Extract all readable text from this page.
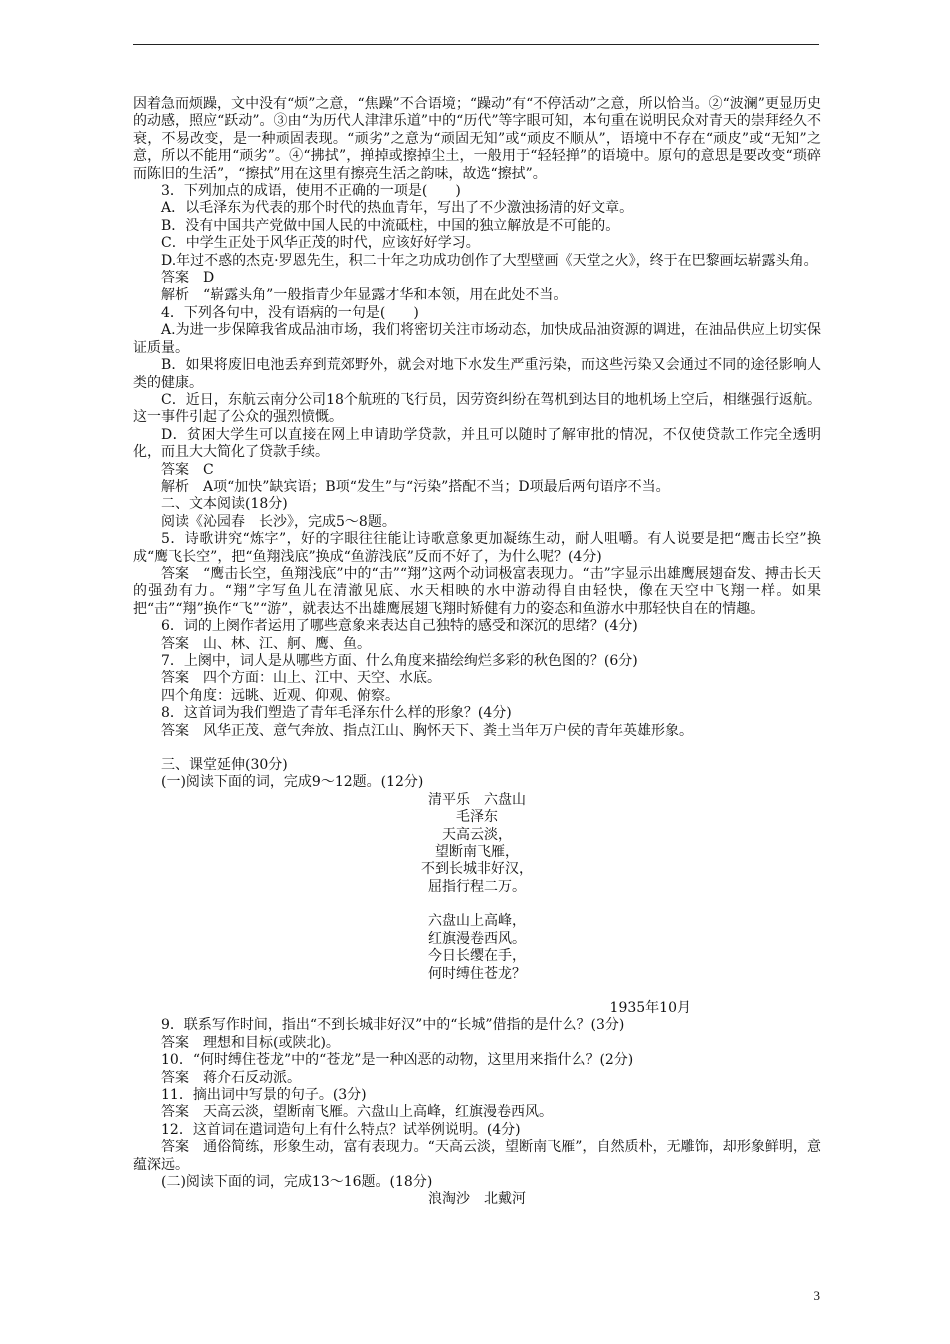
因着急而烦躁，文中没有“烦”之意，“焦躁”不合语境；“躁动”有“不停活动”之意，所以恰当。②“波澜”更显历史的动感，照应“跃动”。③由“为历代人津津乐道”中的“历代”等字眼可知，本句重在说明民众对青天的崇拜经久不衰，不易改变，是一种顽固表现。“顽劣”之意为“顽固无知”或“顽皮不顺从”，语境中不存在“顽皮”或“无知”之意，所以不能用“顽劣”。④“拂拭”，掸掉或擦掉尘土，一般用于“轻轻掸”的语境中。原句的意思是要改变“琐碎而陈旧的生活”，“擦拭”用在这里有擦亮生活之韵味，故选“擦拭”。

3．下列加点的成语，使用不正确的一项是(　　)

A．以毛泽东为代表的那个时代的热血青年，写出了不少激浊扬清的好文章。

B．没有中国共产党做中国人民的中流砥柱，中国的独立解放是不可能的。

C．中学生正处于风华正茂的时代，应该好好学习。

D.年过不惑的杰克·罗恩先生，积二十年之功成功创作了大型壁画《天堂之火》，终于在巴黎画坛崭露头角。

答案　D

解析　“崭露头角”一般指青少年显露才华和本领，用在此处不当。

4．下列各句中，没有语病的一句是(　　)

A.为进一步保障我省成品油市场，我们将密切关注市场动态，加快成品油资源的调进，在油品供应上切实保证质量。

B．如果将废旧电池丢弃到荒郊野外，就会对地下水发生严重污染，而这些污染又会通过不同的途径影响人类的健康。

C．近日，东航云南分公司18个航班的飞行员，因劳资纠纷在驾机到达目的地机场上空后，相继强行返航。这一事件引起了公众的强烈愤慨。

D．贫困大学生可以直接在网上申请助学贷款，并且可以随时了解审批的情况，不仅使贷款工作完全透明化，而且大大简化了贷款手续。

答案　C

解析　A项“加快”缺宾语；B项“发生”与“污染”搭配不当；D项最后两句语序不当。

二、文本阅读(18分)

阅读《沁园春　长沙》，完成5～8题。

5．诗歌讲究“炼字”，好的字眼往往能让诗歌意象更加凝练生动，耐人咀嚼。有人说要是把“鹰击长空”换成“鹰飞长空”，把“鱼翔浅底”换成“鱼游浅底”反而不好了，为什么呢？(4分)

答案　“鹰击长空，鱼翔浅底”中的“击”“翔”这两个动词极富表现力。“击”字显示出雄鹰展翅奋发、搏击长天的强劲有力。“翔”字写鱼儿在清澈见底、水天相映的水中游动得自由轻快，像在天空中飞翔一样。如果把“击”“翔”换作“飞”“游”，就表达不出雄鹰展翅飞翔时矫健有力的姿态和鱼游水中那轻快自在的情趣。

6．词的上阕作者运用了哪些意象来表达自己独特的感受和深沉的思绪？(4分)

答案　山、林、江、舸、鹰、鱼。

7．上阕中，词人是从哪些方面、什么角度来描绘绚烂多彩的秋色图的？(6分)

答案　四个方面：山上、江中、天空、水底。

四个角度：远眺、近观、仰观、俯察。

8．这首词为我们塑造了青年毛泽东什么样的形象？(4分)

答案　风华正茂、意气奔放、指点江山、胸怀天下、粪土当年万户侯的青年英雄形象。

三、课堂延伸(30分)

(一)阅读下面的词，完成9～12题。(12分)

清平乐　六盘山

毛泽东

天高云淡，

望断南飞雁，

不到长城非好汉，

屈指行程二万。

六盘山上高峰，

红旗漫卷西风。

今日长缨在手，

何时缚住苍龙？

1935年10月

9．联系写作时间，指出“不到长城非好汉”中的“长城”借指的是什么？(3分)

答案　理想和目标(或陕北)。

10．“何时缚住苍龙”中的“苍龙”是一种凶恶的动物，这里用来指什么？(2分)

答案　蒋介石反动派。

11．摘出词中写景的句子。(3分)

答案　天高云淡，望断南飞雁。六盘山上高峰，红旗漫卷西风。

12．这首词在遣词造句上有什么特点？试举例说明。(4分)

答案　通俗简练，形象生动，富有表现力。“天高云淡，望断南飞雁”，自然质朴，无雕饰，却形象鲜明，意蕴深远。

(二)阅读下面的词，完成13～16题。(18分)

浪淘沙　北戴河

3
